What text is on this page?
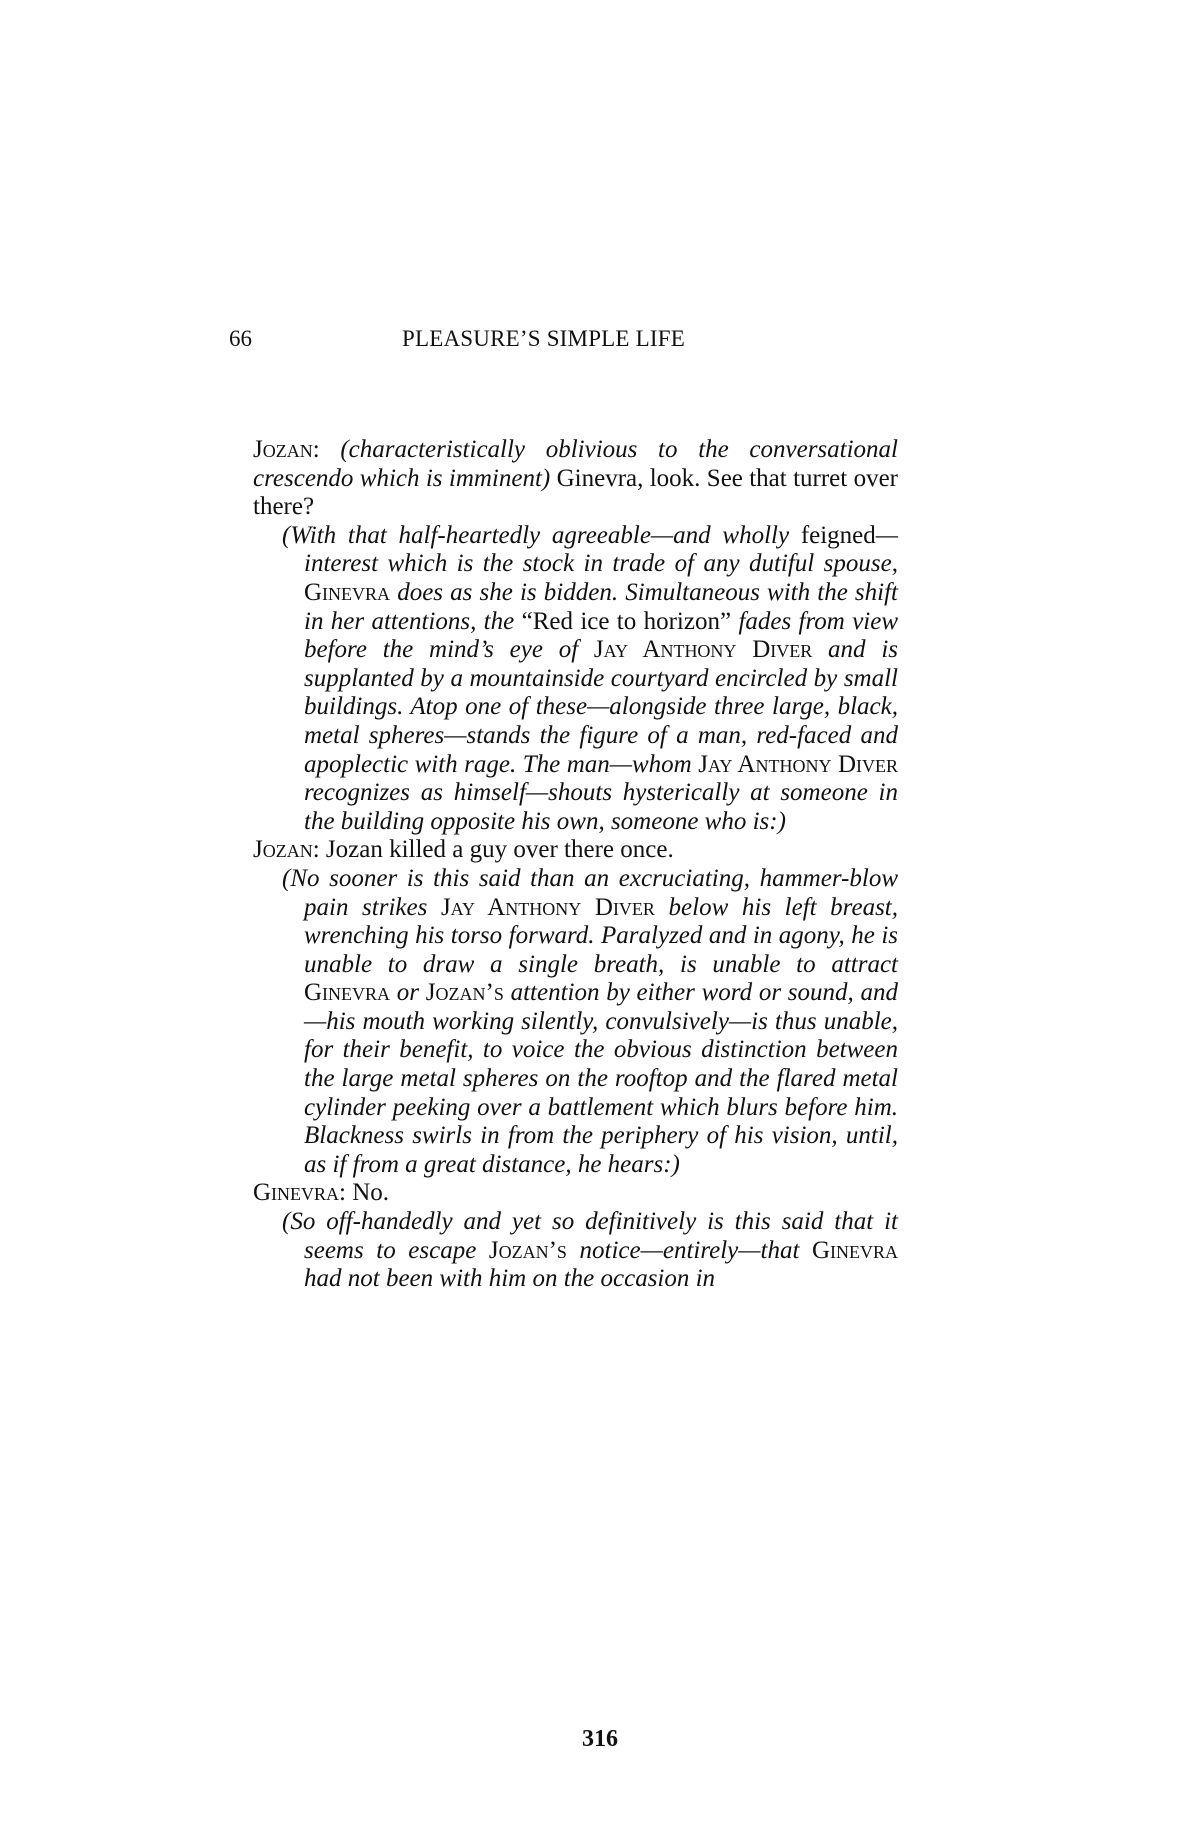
66	PLEASURE’S SIMPLE LIFE

Jozan: (characteristically oblivious to the conversational crescendo which is imminent) Ginevra, look. See that turret over there?

(With that half-heartedly agreeable—and wholly feigned—interest which is the stock in trade of any dutiful spouse, Ginevra does as she is bidden. Simultaneous with the shift in her attentions, the “Red ice to horizon” fades from view before the mind’s eye of Jay Anthony Diver and is supplanted by a mountainside courtyard encircled by small buildings. Atop one of these—alongside three large, black, metal spheres—stands the figure of a man, red-faced and apoplectic with rage. The man—whom Jay Anthony Diver recognizes as himself—shouts hysterically at someone in the building opposite his own, someone who is:)

Jozan: Jozan killed a guy over there once.

(No sooner is this said than an excruciating, hammer-blow pain strikes Jay Anthony Diver below his left breast, wrenching his torso forward. Paralyzed and in agony, he is unable to draw a single breath, is unable to attract Ginevra or Jozan’s attention by either word or sound, and—his mouth working silently, convulsively—is thus unable, for their benefit, to voice the obvious distinction between the large metal spheres on the rooftop and the flared metal cylinder peeking over a battlement which blurs before him. Blackness swirls in from the periphery of his vision, until, as if from a great distance, he hears:)

Ginevra: No.

(So off-handedly and yet so definitively is this said that it seems to escape Jozan’s notice—entirely—that Ginevra had not been with him on the occasion in

316
